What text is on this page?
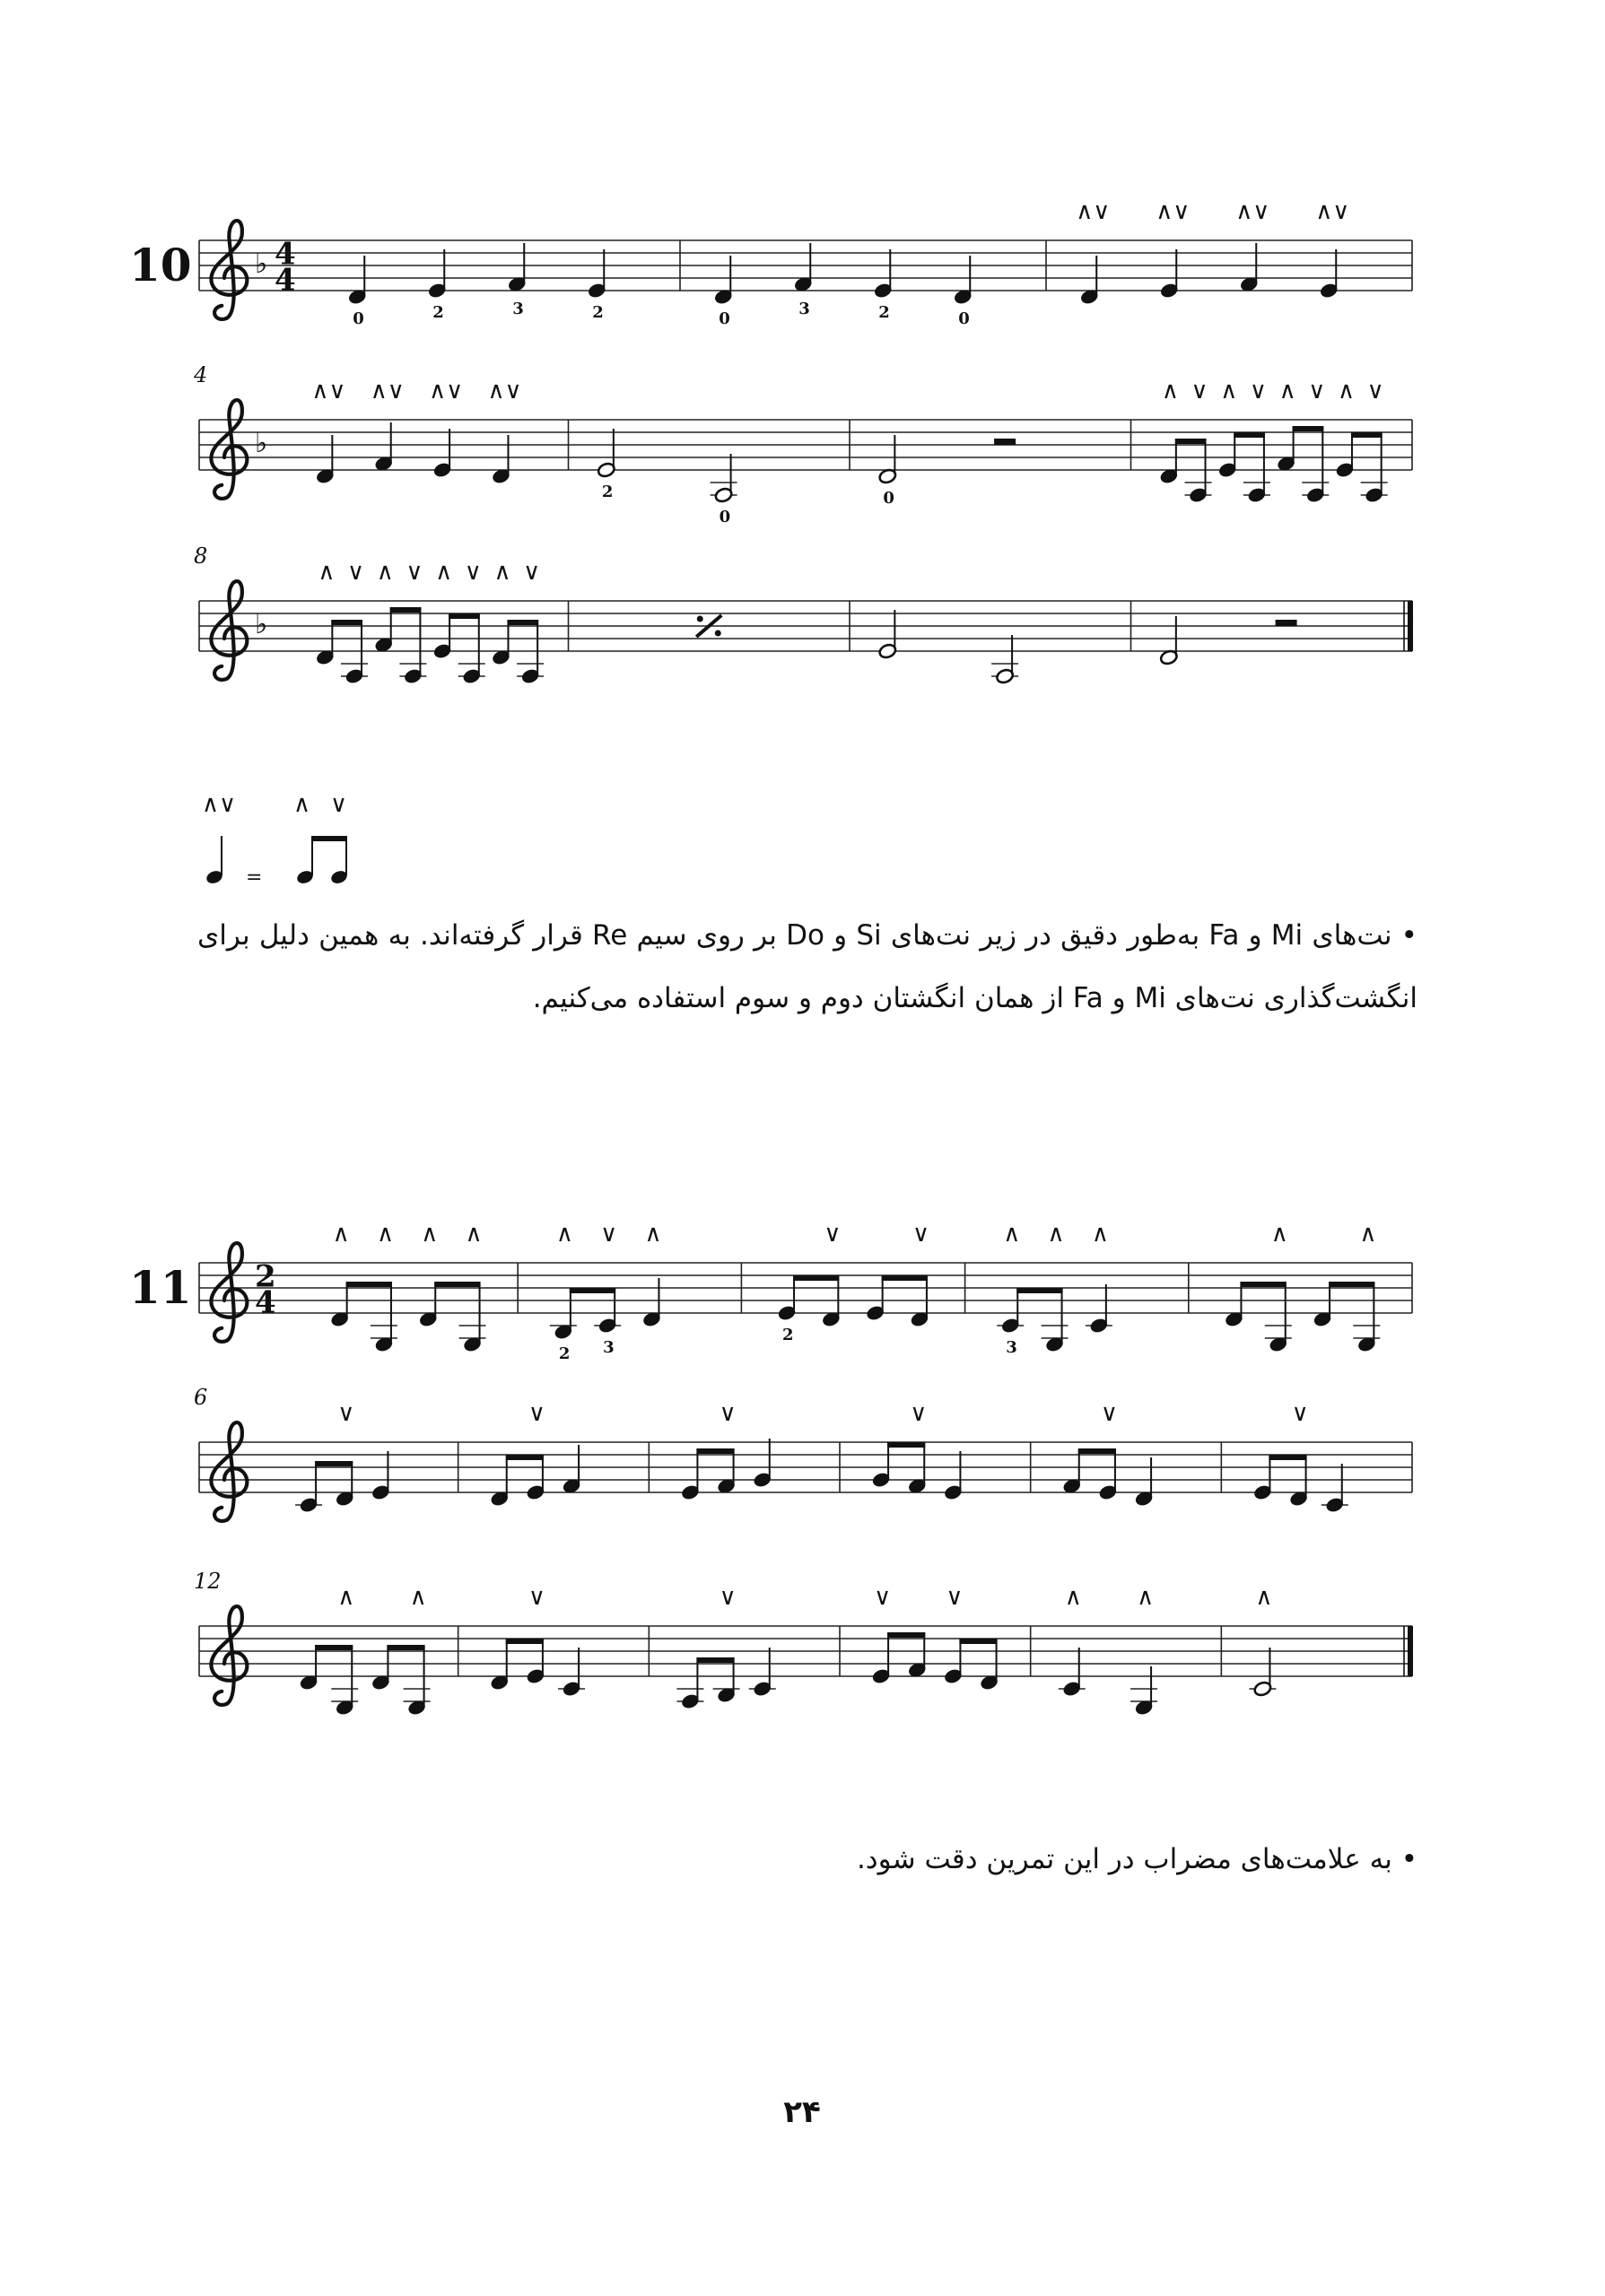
10 ♭ 4
4
0	2	3	2	0
3	2	0
∧∨ ∧∨ ∧∨ ∧∨
4
♭
∧∨ ∧∨ ∧∨ ∧∨
2
0
0
∧ ∨ ∧ ∨ ∧ ∨ ∧ ∨
8
♭
∧ ∨ ∧ ∨ ∧ ∨ ∧ ∨
11 2
4
∧ ∧ ∧ ∧
2
∧
3
∨ ∧
2
∨	∨
3
∧ ∧ ∧	∧	∧
6
∨	∨	∨	∨	∨	∨
12
∧ ∧	∨	∨	∨ ∨	∧ ∧	∧
∧∨
=
∧ ∨
• نت‌های Mi و Fa به‌طور دقیق در زیر نت‌های Si و Do بر روی سیم Re قرار گرفته‌اند. به همین دلیل برای
انگشت‌گذاری نت‌های Mi و Fa از همان انگشتان دوم و سوم استفاده می‌کنیم.
• به علامت‌های مضراب در این تمرین دقت شود.
۲۴
